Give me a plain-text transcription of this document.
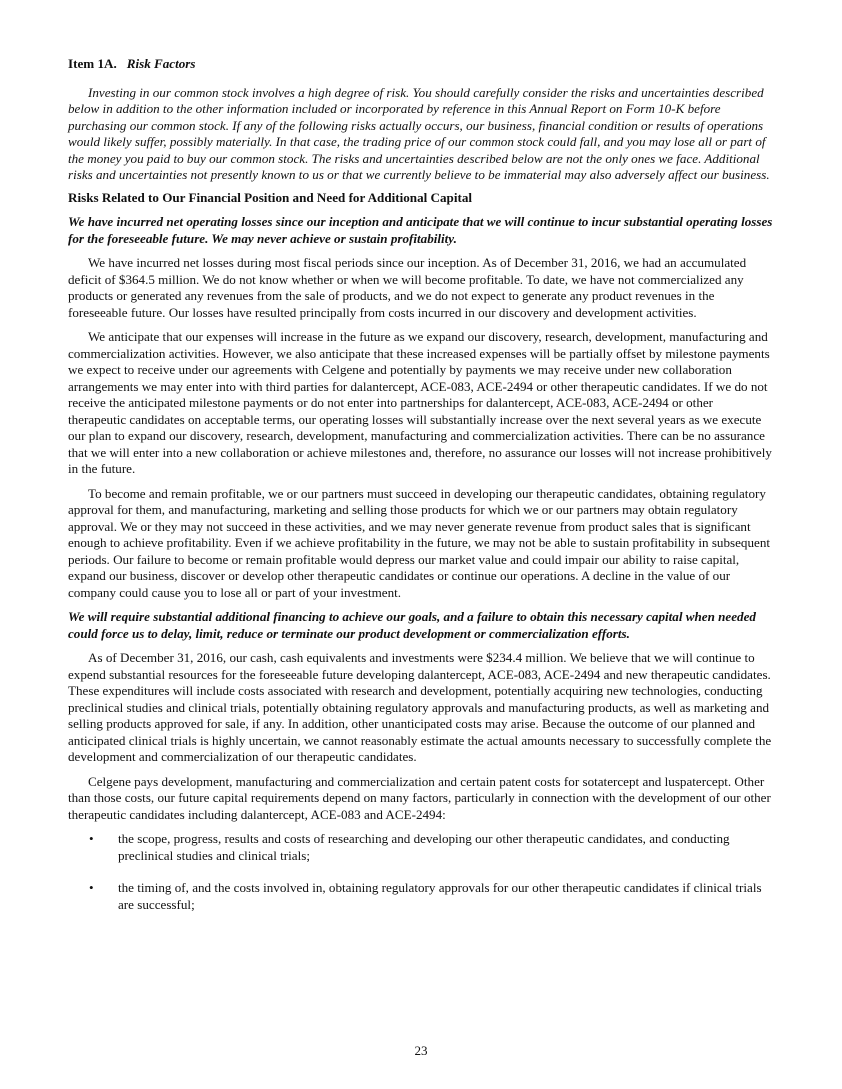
Item 1A. Risk Factors

Investing in our common stock involves a high degree of risk. You should carefully consider the risks and uncertainties described below in addition to the other information included or incorporated by reference in this Annual Report on Form 10-K before purchasing our common stock. If any of the following risks actually occurs, our business, financial condition or results of operations would likely suffer, possibly materially. In that case, the trading price of our common stock could fall, and you may lose all or part of the money you paid to buy our common stock. The risks and uncertainties described below are not the only ones we face. Additional risks and uncertainties not presently known to us or that we currently believe to be immaterial may also adversely affect our business.

Risks Related to Our Financial Position and Need for Additional Capital

We have incurred net operating losses since our inception and anticipate that we will continue to incur substantial operating losses for the foreseeable future. We may never achieve or sustain profitability.

We have incurred net losses during most fiscal periods since our inception. As of December 31, 2016, we had an accumulated deficit of $364.5 million. We do not know whether or when we will become profitable. To date, we have not commercialized any products or generated any revenues from the sale of products, and we do not expect to generate any product revenues in the foreseeable future. Our losses have resulted principally from costs incurred in our discovery and development activities.

We anticipate that our expenses will increase in the future as we expand our discovery, research, development, manufacturing and commercialization activities. However, we also anticipate that these increased expenses will be partially offset by milestone payments we expect to receive under our agreements with Celgene and potentially by payments we may receive under new collaboration arrangements we may enter into with third parties for dalantercept, ACE-083, ACE-2494 or other therapeutic candidates. If we do not receive the anticipated milestone payments or do not enter into partnerships for dalantercept, ACE-083, ACE-2494 or other therapeutic candidates on acceptable terms, our operating losses will substantially increase over the next several years as we execute our plan to expand our discovery, research, development, manufacturing and commercialization activities. There can be no assurance that we will enter into a new collaboration or achieve milestones and, therefore, no assurance our losses will not increase prohibitively in the future.

To become and remain profitable, we or our partners must succeed in developing our therapeutic candidates, obtaining regulatory approval for them, and manufacturing, marketing and selling those products for which we or our partners may obtain regulatory approval. We or they may not succeed in these activities, and we may never generate revenue from product sales that is significant enough to achieve profitability. Even if we achieve profitability in the future, we may not be able to sustain profitability in subsequent periods. Our failure to become or remain profitable would depress our market value and could impair our ability to raise capital, expand our business, discover or develop other therapeutic candidates or continue our operations. A decline in the value of our company could cause you to lose all or part of your investment.

We will require substantial additional financing to achieve our goals, and a failure to obtain this necessary capital when needed could force us to delay, limit, reduce or terminate our product development or commercialization efforts.

As of December 31, 2016, our cash, cash equivalents and investments were $234.4 million. We believe that we will continue to expend substantial resources for the foreseeable future developing dalantercept, ACE-083, ACE-2494 and new therapeutic candidates. These expenditures will include costs associated with research and development, potentially acquiring new technologies, conducting preclinical studies and clinical trials, potentially obtaining regulatory approvals and manufacturing products, as well as marketing and selling products approved for sale, if any. In addition, other unanticipated costs may arise. Because the outcome of our planned and anticipated clinical trials is highly uncertain, we cannot reasonably estimate the actual amounts necessary to successfully complete the development and commercialization of our therapeutic candidates.

Celgene pays development, manufacturing and commercialization and certain patent costs for sotatercept and luspatercept. Other than those costs, our future capital requirements depend on many factors, particularly in connection with the development of our other therapeutic candidates including dalantercept, ACE-083 and ACE-2494:

• the scope, progress, results and costs of researching and developing our other therapeutic candidates, and conducting preclinical studies and clinical trials;
• the timing of, and the costs involved in, obtaining regulatory approvals for our other therapeutic candidates if clinical trials are successful;
23
